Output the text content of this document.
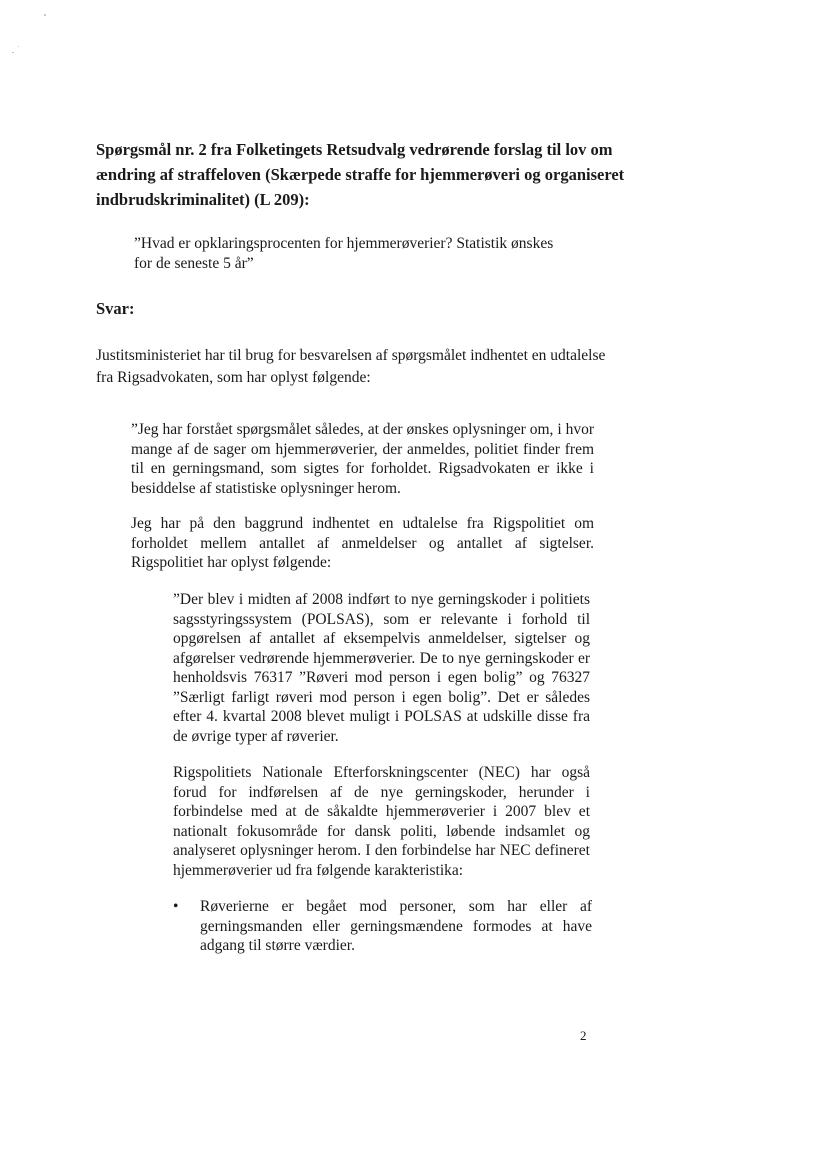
Spørgsmål nr. 2 fra Folketingets Retsudvalg vedrørende forslag til lov om ændring af straffeloven (Skærpede straffe for hjemmerøveri og organiseret indbrudskriminalitet) (L 209):

”Hvad er opklaringsprocenten for hjemmerøverier? Statistik ønskes for de seneste 5 år”

Svar:

Justitsministeriet har til brug for besvarelsen af spørgsmålet indhentet en udtalelse fra Rigsadvokaten, som har oplyst følgende:

”Jeg har forstået spørgsmålet således, at der ønskes oplysninger om, i hvor mange af de sager om hjemmerøverier, der anmeldes, politiet finder frem til en gerningsmand, som sigtes for forholdet. Rigsadvokaten er ikke i besiddelse af statistiske oplysninger herom.

Jeg har på den baggrund indhentet en udtalelse fra Rigspolitiet om forholdet mellem antallet af anmeldelser og antallet af sigtelser. Rigspolitiet har oplyst følgende:

”Der blev i midten af 2008 indført to nye gerningskoder i politiets sagsstyringssystem (POLSAS), som er relevante i forhold til opgørelsen af antallet af eksempelvis anmeldelser, sigtelser og afgørelser vedrørende hjemmerøverier. De to nye gerningskoder er henholdsvis 76317 ”Røveri mod person i egen bolig” og 76327 ”Særligt farligt røveri mod person i egen bolig”. Det er således efter 4. kvartal 2008 blevet muligt i POLSAS at udskille disse fra de øvrige typer af røverier.

Rigspolitiets Nationale Efterforskningscenter (NEC) har også forud for indførelsen af de nye gerningskoder, herunder i forbindelse med at de såkaldte hjemmerøverier i 2007 blev et nationalt fokusområde for dansk politi, løbende indsamlet og analyseret oplysninger herom. I den forbindelse har NEC defineret hjemmerøverier ud fra følgende karakteristika:

• Røverierne er begået mod personer, som har eller af gerningsmanden eller gerningsmændene formodes at have adgang til større værdier.

2
